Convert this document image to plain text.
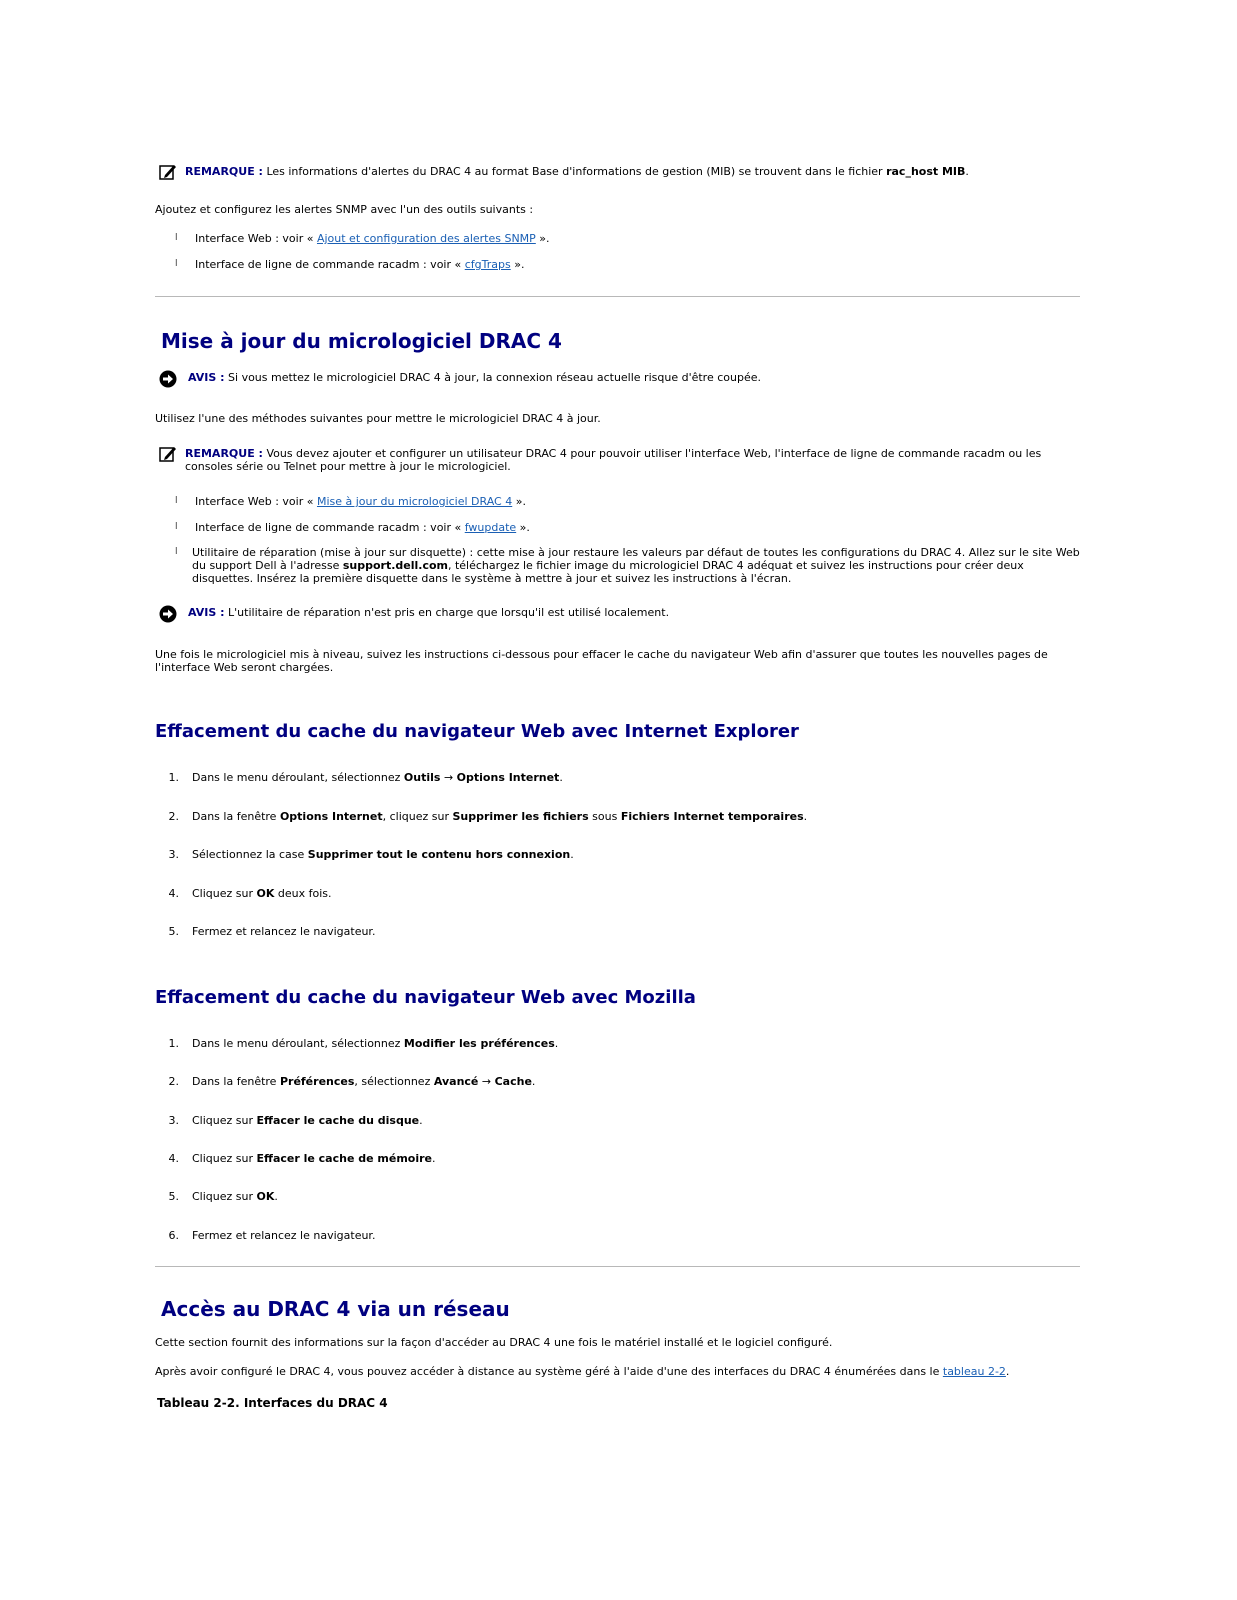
REMARQUE : Les informations d'alertes du DRAC 4 au format Base d'informations de gestion (MIB) se trouvent dans le fichier rac_host MIB.
Ajoutez et configurez les alertes SNMP avec l'un des outils suivants :
l Interface Web : voir « Ajout et configuration des alertes SNMP ».
l Interface de ligne de commande racadm : voir « cfgTraps ».
Mise à jour du micrologiciel DRAC 4
AVIS : Si vous mettez le micrologiciel DRAC 4 à jour, la connexion réseau actuelle risque d'être coupée.
Utilisez l'une des méthodes suivantes pour mettre le micrologiciel DRAC 4 à jour.
REMARQUE : Vous devez ajouter et configurer un utilisateur DRAC 4 pour pouvoir utiliser l'interface Web, l'interface de ligne de commande racadm ou les consoles série ou Telnet pour mettre à jour le micrologiciel.
l Interface Web : voir « Mise à jour du micrologiciel DRAC 4 ».
l Interface de ligne de commande racadm : voir « fwupdate ».
l Utilitaire de réparation (mise à jour sur disquette) : cette mise à jour restaure les valeurs par défaut de toutes les configurations du DRAC 4. Allez sur le site Web du support Dell à l'adresse support.dell.com, téléchargez le fichier image du micrologiciel DRAC 4 adéquat et suivez les instructions pour créer deux disquettes. Insérez la première disquette dans le système à mettre à jour et suivez les instructions à l'écran.
AVIS : L'utilitaire de réparation n'est pris en charge que lorsqu'il est utilisé localement.
Une fois le micrologiciel mis à niveau, suivez les instructions ci-dessous pour effacer le cache du navigateur Web afin d'assurer que toutes les nouvelles pages de l'interface Web seront chargées.
Effacement du cache du navigateur Web avec Internet Explorer
1. Dans le menu déroulant, sélectionnez Outils → Options Internet.
2. Dans la fenêtre Options Internet, cliquez sur Supprimer les fichiers sous Fichiers Internet temporaires.
3. Sélectionnez la case Supprimer tout le contenu hors connexion.
4. Cliquez sur OK deux fois.
5. Fermez et relancez le navigateur.
Effacement du cache du navigateur Web avec Mozilla
1. Dans le menu déroulant, sélectionnez Modifier les préférences.
2. Dans la fenêtre Préférences, sélectionnez Avancé → Cache.
3. Cliquez sur Effacer le cache du disque.
4. Cliquez sur Effacer le cache de mémoire.
5. Cliquez sur OK.
6. Fermez et relancez le navigateur.
Accès au DRAC 4 via un réseau
Cette section fournit des informations sur la façon d'accéder au DRAC 4 une fois le matériel installé et le logiciel configuré.
Après avoir configuré le DRAC 4, vous pouvez accéder à distance au système géré à l'aide d'une des interfaces du DRAC 4 énumérées dans le tableau 2-2.
Tableau 2-2. Interfaces du DRAC 4
